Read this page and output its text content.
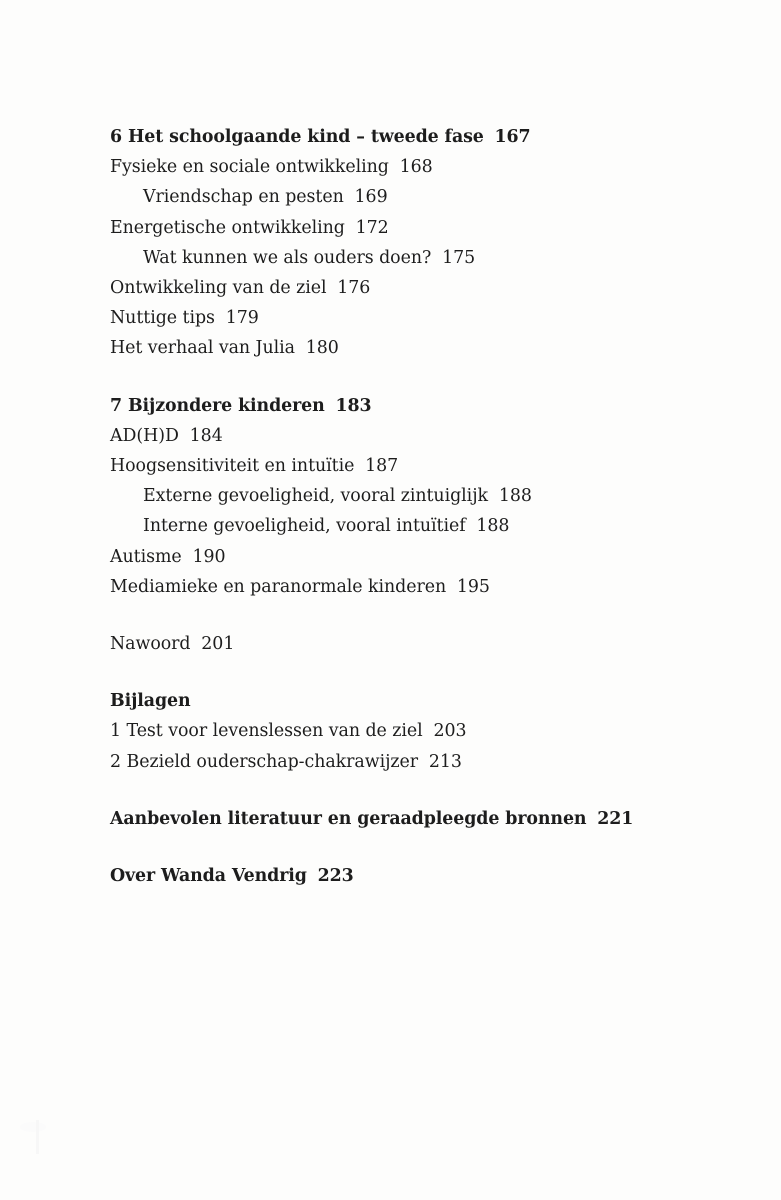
6 Het schoolgaande kind – tweede fase 167
Fysieke en sociale ontwikkeling 168
Vriendschap en pesten 169
Energetische ontwikkeling 172
Wat kunnen we als ouders doen? 175
Ontwikkeling van de ziel 176
Nuttige tips 179
Het verhaal van Julia 180
7 Bijzondere kinderen 183
AD(H)D 184
Hoogsensitiviteit en intuïtie 187
Externe gevoeligheid, vooral zintuiglijk 188
Interne gevoeligheid, vooral intuïtief 188
Autisme 190
Mediamieke en paranormale kinderen 195
Nawoord 201
Bijlagen
1 Test voor levenslessen van de ziel 203
2 Bezield ouderschap-chakrawijzer 213
Aanbevolen literatuur en geraadpleegde bronnen 221
Over Wanda Vendrig 223
